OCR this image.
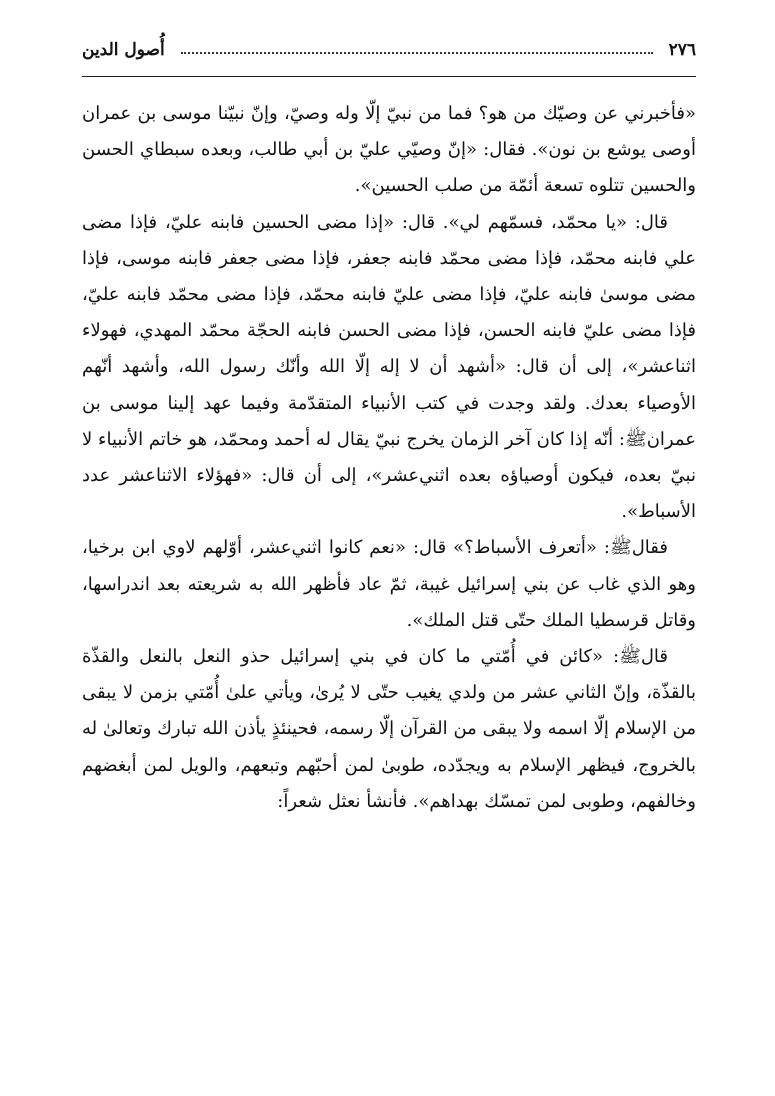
٢٧٦
أُصول الدين

«فأخبرني عن وصيّك من هو؟ فما من نبيّ إلّا وله وصيّ، وإنّ نبيّنا موسى بن عمران أوصى يوشع بن نون». فقال: «إنّ وصيّي عليّ بن أبي طالب، وبعده سبطاي الحسن والحسين تتلوه تسعة أئمّة من صلب الحسين».

قال: «يا محمّد، فسمّهم لي». قال: «إذا مضى الحسين فابنه عليّ، فإذا مضى علي فابنه محمّد، فإذا مضى محمّد فابنه جعفر، فإذا مضى جعفر فابنه موسى، فإذا مضى موسىٰ فابنه عليّ، فإذا مضى عليّ فابنه محمّد، فإذا مضى محمّد فابنه عليّ، فإذا مضى عليّ فابنه الحسن، فإذا مضى الحسن فابنه الحجّة محمّد المهدي، فهولاء اثناعشر»، إلى أن قال: «أشهد أن لا إله إلّا الله وأنّك رسول الله، وأشهد أنّهم الأوصياء بعدك. ولقد وجدت في كتب الأنبياء المتقدّمة وفيما عهد إلينا موسى بن عمرانﷺ: أنّه إذا كان آخر الزمان يخرج نبيّ يقال له أحمد ومحمّد، هو خاتم الأنبياء لا نبيّ بعده، فيكون أوصياؤه بعده اثني‌عشر»، إلى أن قال: «فهؤلاء الاثناعشر عدد الأسباط».

فقالﷺ: «أتعرف الأسباط؟» قال: «نعم كانوا اثني‌عشر، أوّلهم لاوي ابن برخيا، وهو الذي غاب عن بني إسرائيل غيبة، ثمّ عاد فأظهر الله به شريعته بعد اندراسها، وقاتل قرسطيا الملك حتّى قتل الملك».

قالﷺ: «كائن في أُمّتي ما كان في بني إسرائيل حذو النعل بالنعل والقذّة بالقذّة، وإنّ الثاني عشر من ولدي يغيب حتّى لا يُرىٰ، ويأتي علىٰ أُمّتي بزمن لا يبقى من الإسلام إلّا اسمه ولا يبقى من القرآن إلّا رسمه، فحينئذٍ يأذن الله تبارك وتعالىٰ له بالخروج، فيظهر الإسلام به ويجدّده، طوبىٰ لمن أحبّهم وتبعهم، والويل لمن أبغضهم وخالفهم، وطوبى لمن تمسّك بهداهم». فأنشأ نعثل شعراً:
